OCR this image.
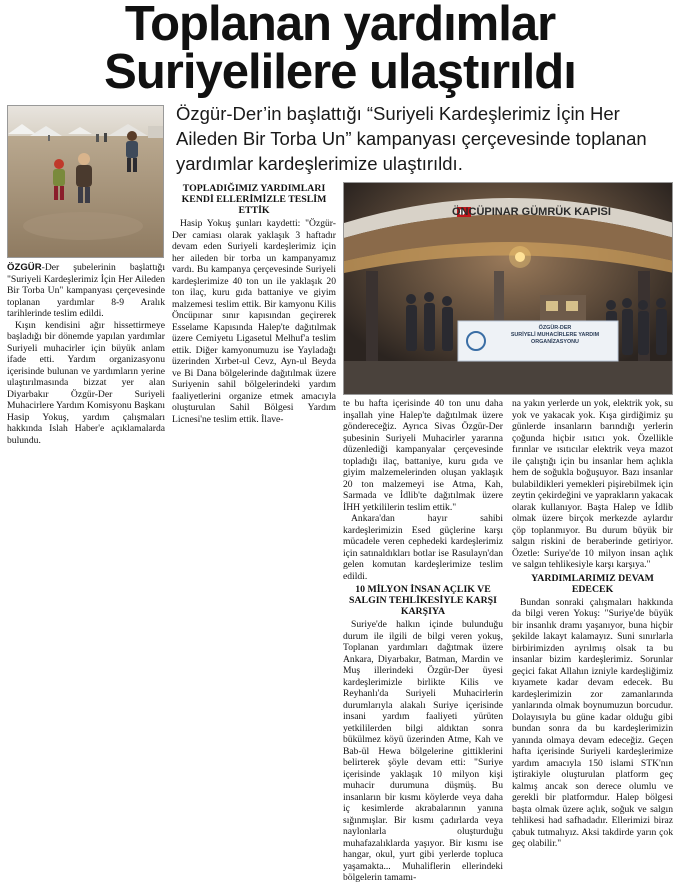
Toplanan yardımlar
Suriyelilere ulaştırıldı
Özgür-Der’in başlattığı “Suriyeli Kardeşlerimiz İçin Her Aileden Bir Torba Un” kampanyası çerçevesinde toplanan yardımlar kardeşlerimize ulaştırıldı.
ÖNCÜPINAR GÜMRÜK KAPISI
ÖZGÜR-DER
SURİYELİ MUHACİRLERE YARDIM
ORGANİZASYONU

ÖZGÜR-Der şubelerinin başlattığı "Suriyeli Kardeşlerimiz İçin Her Aileden Bir Torba Un" kampanyası çerçevesinde toplanan yardımlar 8-9 Aralık tarihlerinde teslim edildi.

Kışın kendisini ağır hissettirmeye başladığı bir dönemde yapılan yardımlar Suriyeli muhacirler için büyük anlam ifade etti. Yardım organizasyonu içerisinde bulunan ve yardımların yerine ulaştırılmasında bizzat yer alan Diyarbakır Özgür-Der Suriyeli Muhacirlere Yardım Komisyonu Başkanı Hasip Yokuş, yardım çalışmaları hakkında Islah Haber'e açıklamalarda bulundu.

TOPLADIĞIMIZ YARDIMLARI KENDİ ELLERİMİZLE TESLİM ETTİK

Hasip Yokuş şunları kaydetti: "Özgür-Der camiası olarak yaklaşık 3 haftadır devam eden Suriyeli kardeşlerimiz için her aileden bir torba un kampanyamız vardı. Bu kampanya çerçevesinde Suriyeli kardeşlerimize 40 ton un ile yaklaşık 20 ton ilaç, kuru gıda battaniye ve giyim malzemesi teslim ettik. Bir kamyonu Kilis Öncüpınar sınır kapısından geçirerek Esselame Kapısında Halep'te dağıtılmak üzere Cemiyetu Ligasetul Melhuf'a teslim ettik. Diğer kamyonumuzu ise Yayladağı üzerinden Xırbet-ul Cevz, Ayn-ul Beyda ve Bi Dana bölgelerinde dağıtılmak üzere Suriyenin sahil bölgelerindeki yardım faaliyetlerini organize etmek amacıyla oluşturulan Sahil Bölgesi Yardım Licnesi'ne teslim ettik. İlave-

te bu hafta içerisinde 40 ton unu daha inşallah yine Halep'te dağıtılmak üzere göndereceğiz. Ayrıca Sivas Özgür-Der şubesinin Suriyeli Muhacirler yararına düzenlediği kampanyalar çerçevesinde topladığı ilaç, battaniye, kuru gıda ve giyim malzemelerinden oluşan yaklaşık 20 ton malzemeyi ise Atma, Kah, Sarmada ve İdlib'te dağıtılmak üzere İHH yetkililerin teslim ettik."

Ankara'dan hayır sahibi kardeşlerimizin Esed güçlerine karşı mücadele veren cephedeki kardeşlerimiz için satınaldıkları botlar ise Rasulayn'dan gelen komutan kardeşlerimize teslim edildi.

10 MİLYON İNSAN AÇLIK VE SALGIN TEHLİKESİYLE KARŞI KARŞIYA

Suriye'de halkın içinde bulunduğu durum ile ilgili de bilgi veren yokuş, Toplanan yardımları dağıtmak üzere Ankara, Diyarbakır, Batman, Mardin ve Muş illerindeki Özgür-Der üyesi kardeşlerimizle birlikte Kilis ve Reyhanlı'da Suriyeli Muhacirlerin durumlarıyla alakalı Suriye içerisinde insani yardım faaliyeti yürüten yetkililerden bilgi aldıktan sonra bükülmez köyü üzerinden Atme, Kah ve Bab-ül Hewa bölgelerine gittiklerini belirterek şöyle devam etti: "Suriye içerisinde yaklaşık 10 milyon kişi muhacir durumuna düşmüş. Bu insanların bir kısmı köylerde veya daha iç kesimlerde akrabalarının yanına sığınmışlar. Bir kısmı çadırlarda veya naylonlarla oluşturduğu muhafazalıklarda yaşıyor. Bir kısmı ise hangar, okul, yurt gibi yerlerde topluca yaşamakta... Muhaliflerin ellerindeki bölgelerin tamamı-

na yakın yerlerde un yok, elektrik yok, su yok ve yakacak yok. Kışa girdiğimiz şu günlerde insanların barındığı yerlerin çoğunda hiçbir ısıtıcı yok. Özellikle fırınlar ve ısıtıcılar elektrik veya mazot ile çalıştığı için bu insanlar hem açlıkla hem de soğukla boğuşuyor. Bazı insanlar bulabildikleri yemekleri pişirebilmek için zeytin çekirdeğini ve yaprakların yakacak olarak kullanıyor. Başta Halep ve İdlib olmak üzere birçok merkezde aylardır çöp toplanmıyor. Bu durum büyük bir salgın riskini de beraberinde getiriyor. Özetle: Suriye'de 10 milyon insan açlık ve salgın tehlikesiyle karşı karşıya."

YARDIMLARIMIZ DEVAM EDECEK

Bundan sonraki çalışmaları hakkında da bilgi veren Yokuş: "Suriye'de büyük bir insanlık dramı yaşanıyor, buna hiçbir şekilde lakayt kalamayız. Suni sınırlarla birbirimizden ayrılmış olsak ta bu insanlar bizim kardeşlerimiz. Sorunlar geçici fakat Allahın izniyle kardeşliğimiz kıyamete kadar devam edecek. Bu kardeşlerimizin zor zamanlarında yanlarında olmak boynumuzun borcudur. Dolayısıyla bu güne kadar olduğu gibi bundan sonra da bu kardeşlerimizin yanında olmaya devam edeceğiz. Geçen hafta içerisinde Suriyeli kardeşlerimize yardım amacıyla 150 islami STK'nın iştirakiyle oluşturulan platform geç kalmış ancak son derece olumlu ve gerekli bir platformdur. Halep bölgesi başta olmak üzere açlık, soğuk ve salgın tehlikesi had safhadadır. Ellerimizi biraz çabuk tutmalıyız. Aksi takdirde yarın çok geç olabilir."
